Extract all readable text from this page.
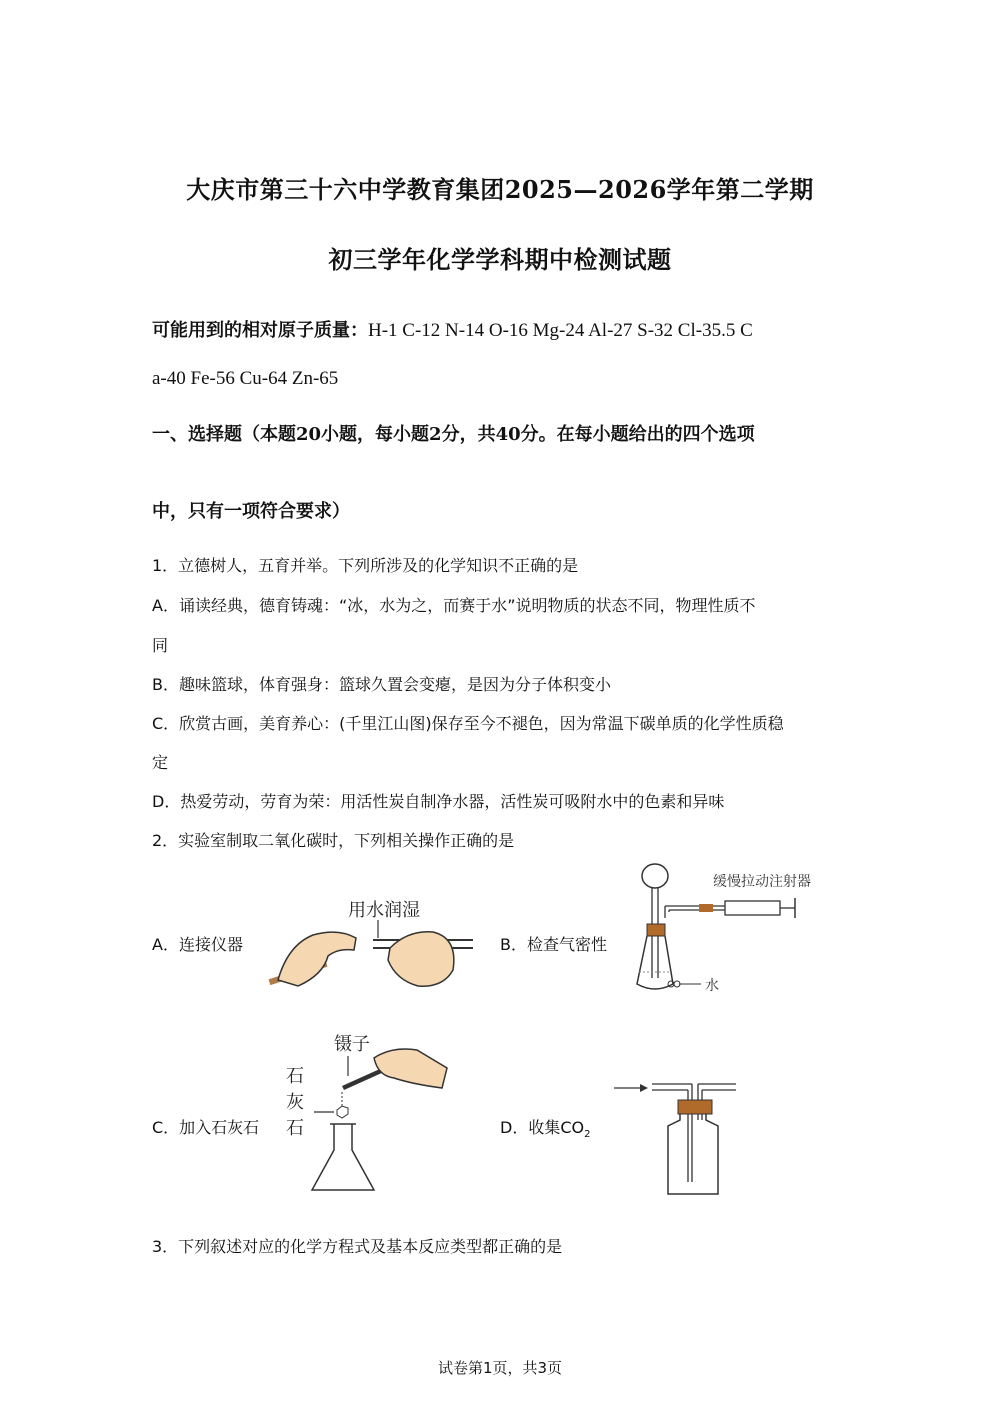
大庆市第三十六中学教育集团2025—2026学年第二学期
初三学年化学学科期中检测试题
可能用到的相对原子质量：H-1 C-12 N-14 O-16 Mg-24 Al-27 S-32 Cl-35.5 C
a-40 Fe-56 Cu-64 Zn-65
一、选择题（本题20小题，每小题2分，共40分。在每小题给出的四个选项
中，只有一项符合要求）
1．立德树人，五育并举。下列所涉及的化学知识不正确的是
A．诵读经典，德育铸魂：“冰，水为之，而赛于水”说明物质的状态不同，物理性质不
同
B．趣味篮球，体育强身：篮球久置会变瘪，是因为分子体积变小
C．欣赏古画，美育养心：(千里江山图)保存至今不褪色，因为常温下碳单质的化学性质稳
定
D．热爱劳动，劳育为荣：用活性炭自制净水器，活性炭可吸附水中的色素和异味
2．实验室制取二氧化碳时，下列相关操作正确的是
A．连接仪器	B．检查气密性
C．加入石灰石	D．收集$CO_2$
用水润湿
缓慢拉动注射器
水
镊子
石
灰
石
3．下列叙述对应的化学方程式及基本反应类型都正确的是
试卷第1页，共3页
